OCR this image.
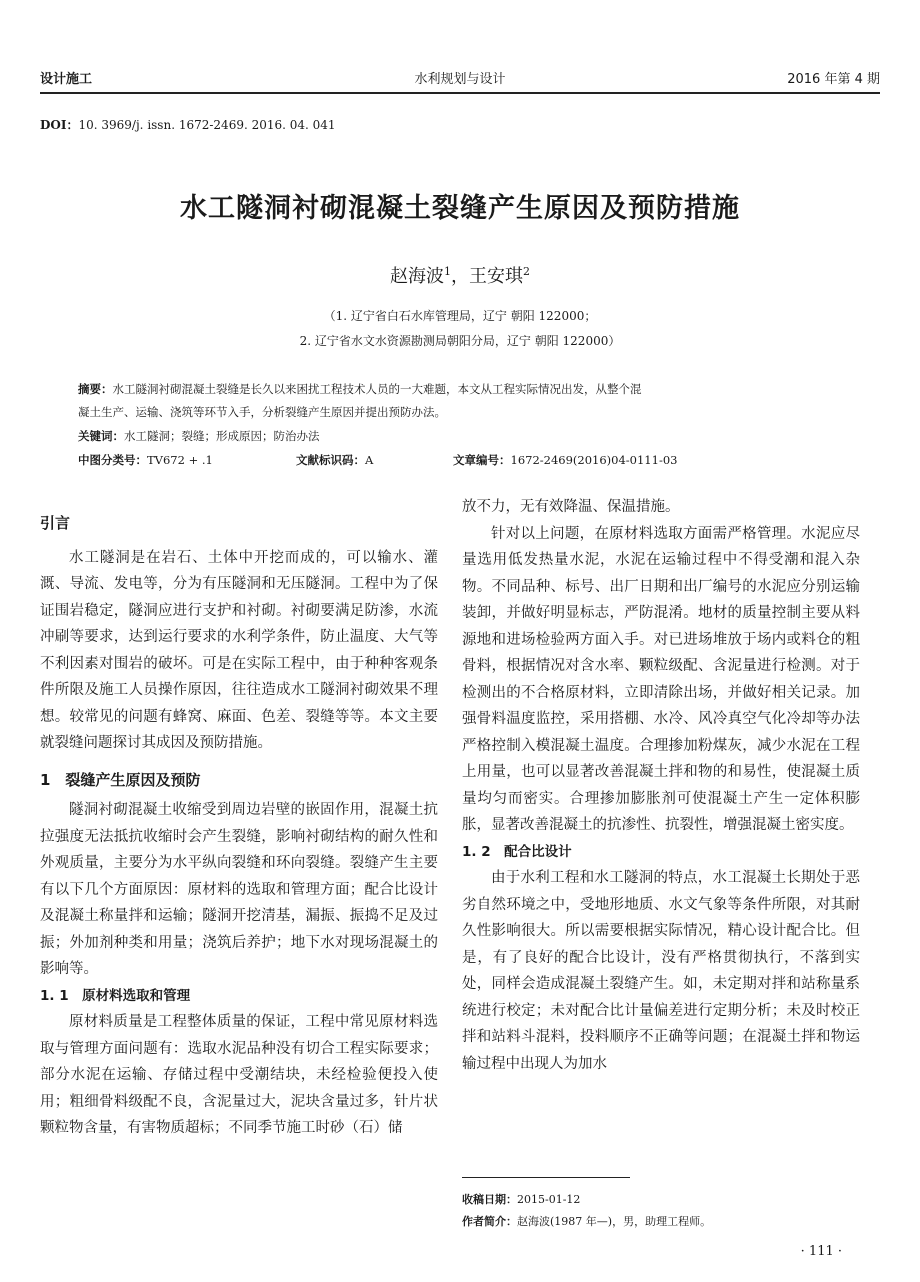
设计施工	水利规划与设计	2016 年第 4 期
DOI：10. 3969/j. issn. 1672-2469. 2016. 04. 041
水工隧洞衬砌混凝土裂缝产生原因及预防措施
赵海波$^1$，王安琪$^2$
（1. 辽宁省白石水库管理局，辽宁 朝阳 122000；
2. 辽宁省水文水资源勘测局朝阳分局，辽宁 朝阳 122000）
摘要：水工隧洞衬砌混凝土裂缝是长久以来困扰工程技术人员的一大难题，本文从工程实际情况出发，从整个混
凝土生产、运输、浇筑等环节入手，分析裂缝产生原因并提出预防办法。
关键词：水工隧洞；裂缝；形成原因；防治办法
中图分类号：TV672 + .1	文献标识码：A	文章编号：1672-2469(2016)04-0111-03
引言

水工隧洞是在岩石、土体中开挖而成的，可以输水、灌溉、导流、发电等，分为有压隧洞和无压隧洞。工程中为了保证围岩稳定，隧洞应进行支护和衬砌。衬砌要满足防渗，水流冲刷等要求，达到运行要求的水利学条件，防止温度、大气等不利因素对围岩的破坏。可是在实际工程中，由于种种客观条件所限及施工人员操作原因，往往造成水工隧洞衬砌效果不理想。较常见的问题有蜂窝、麻面、色差、裂缝等等。本文主要就裂缝问题探讨其成因及预防措施。

1　裂缝产生原因及预防

隧洞衬砌混凝土收缩受到周边岩壁的嵌固作用，混凝土抗拉强度无法抵抗收缩时会产生裂缝，影响衬砌结构的耐久性和外观质量，主要分为水平纵向裂缝和环向裂缝。裂缝产生主要有以下几个方面原因：原材料的选取和管理方面；配合比设计及混凝土称量拌和运输；隧洞开挖清基，漏振、振捣不足及过振；外加剂种类和用量；浇筑后养护；地下水对现场混凝土的影响等。

1. 1　原材料选取和管理

原材料质量是工程整体质量的保证，工程中常见原材料选取与管理方面问题有：选取水泥品种没有切合工程实际要求；部分水泥在运输、存储过程中受潮结块，未经检验便投入使用；粗细骨料级配不良，含泥量过大，泥块含量过多，针片状颗粒物含量，有害物质超标；不同季节施工时砂（石）储

放不力，无有效降温、保温措施。

针对以上问题，在原材料选取方面需严格管理。水泥应尽量选用低发热量水泥，水泥在运输过程中不得受潮和混入杂物。不同品种、标号、出厂日期和出厂编号的水泥应分别运输装卸，并做好明显标志，严防混淆。地材的质量控制主要从料源地和进场检验两方面入手。对已进场堆放于场内或料仓的粗骨料，根据情况对含水率、颗粒级配、含泥量进行检测。对于检测出的不合格原材料，立即清除出场，并做好相关记录。加强骨料温度监控，采用搭棚、水冷、风冷真空气化冷却等办法严格控制入模混凝土温度。合理掺加粉煤灰，减少水泥在工程上用量，也可以显著改善混凝土拌和物的和易性，使混凝土质量均匀而密实。合理掺加膨胀剂可使混凝土产生一定体积膨胀，显著改善混凝土的抗渗性、抗裂性，增强混凝土密实度。

1. 2　配合比设计

由于水利工程和水工隧洞的特点，水工混凝土长期处于恶劣自然环境之中，受地形地质、水文气象等条件所限，对其耐久性影响很大。所以需要根据实际情况，精心设计配合比。但是，有了良好的配合比设计，没有严格贯彻执行，不落到实处，同样会造成混凝土裂缝产生。如，未定期对拌和站称量系统进行校定；未对配合比计量偏差进行定期分析；未及时校正拌和站料斗混料，投料顺序不正确等问题；在混凝土拌和物运输过程中出现人为加水

收稿日期：2015-01-12
作者简介：赵海波(1987 年—)，男，助理工程师。
· 111 ·
